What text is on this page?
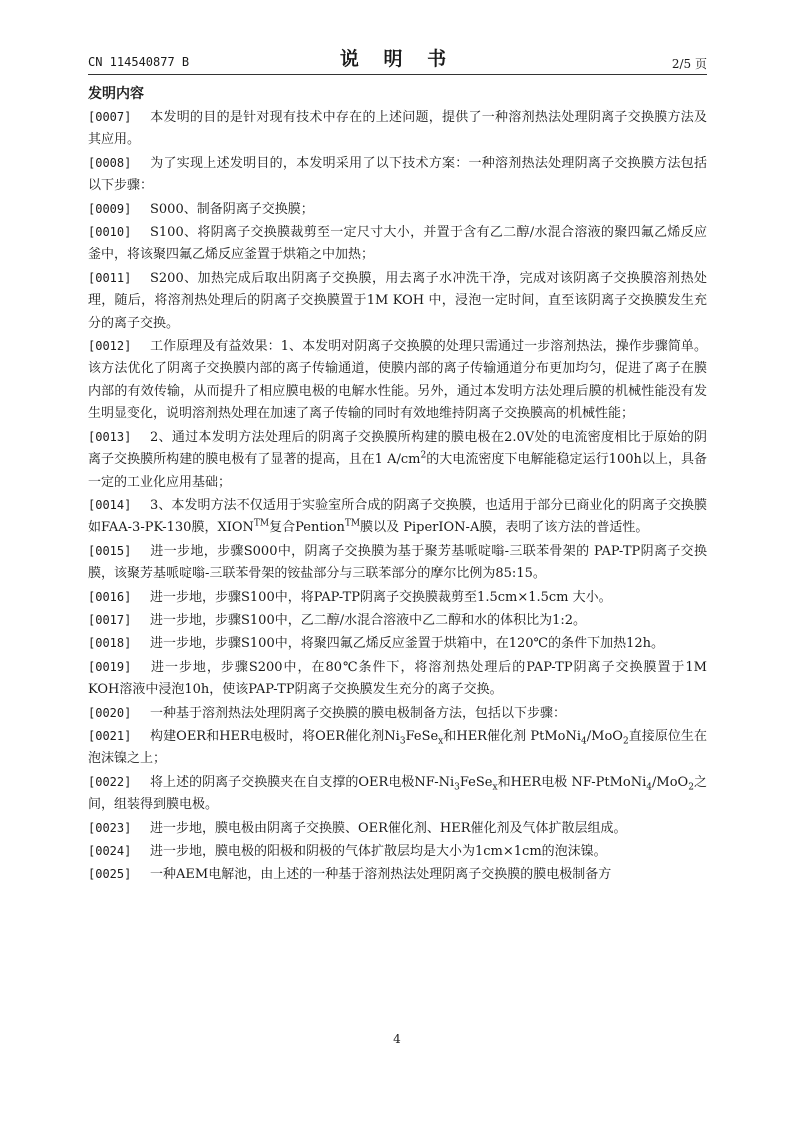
CN 114540877 B	说 明 书	2/5 页
发明内容

[0007] 本发明的目的是针对现有技术中存在的上述问题，提供了一种溶剂热法处理阴离子交换膜方法及其应用。

[0008] 为了实现上述发明目的，本发明采用了以下技术方案：一种溶剂热法处理阴离子交换膜方法包括以下步骤：

[0009] S000、制备阴离子交换膜；

[0010] S100、将阴离子交换膜裁剪至一定尺寸大小，并置于含有乙二醇/水混合溶液的聚四氟乙烯反应釜中，将该聚四氟乙烯反应釜置于烘箱之中加热；

[0011] S200、加热完成后取出阴离子交换膜，用去离子水冲洗干净，完成对该阴离子交换膜溶剂热处理，随后，将溶剂热处理后的阴离子交换膜置于1M KOH 中，浸泡一定时间，直至该阴离子交换膜发生充分的离子交换。

[0012] 工作原理及有益效果：1、本发明对阴离子交换膜的处理只需通过一步溶剂热法，操作步骤简单。该方法优化了阴离子交换膜内部的离子传输通道，使膜内部的离子传输通道分布更加均匀，促进了离子在膜内部的有效传输，从而提升了相应膜电极的电解水性能。另外，通过本发明方法处理后膜的机械性能没有发生明显变化，说明溶剂热处理在加速了离子传输的同时有效地维持阴离子交换膜高的机械性能；

[0013] 2、通过本发明方法处理后的阴离子交换膜所构建的膜电极在2.0V处的电流密度相比于原始的阴离子交换膜所构建的膜电极有了显著的提高，且在1 $A/cm^2$的大电流密度下电解能稳定运行100h以上，具备一定的工业化应用基础；

[0014] 3、本发明方法不仅适用于实验室所合成的阴离子交换膜，也适用于部分已商业化的阴离子交换膜如FAA-3-PK-130膜，XION™复合Pention™膜以及 PiperION-A膜，表明了该方法的普适性。

[0015] 进一步地，步骤S000中，阴离子交换膜为基于聚芳基哌啶嗡-三联苯骨架的 PAP-TP阴离子交换膜，该聚芳基哌啶嗡-三联苯骨架的铵盐部分与三联苯部分的摩尔比例为85:15。

[0016] 进一步地，步骤S100中，将PAP-TP阴离子交换膜裁剪至1.5cm×1.5cm 大小。

[0017] 进一步地，步骤S100中，乙二醇/水混合溶液中乙二醇和水的体积比为1:2。

[0018] 进一步地，步骤S100中，将聚四氟乙烯反应釜置于烘箱中，在120℃的条件下加热12h。

[0019] 进一步地，步骤S200中，在80℃条件下，将溶剂热处理后的PAP-TP阴离子交换膜置于1M KOH溶液中浸泡10h，使该PAP-TP阴离子交换膜发生充分的离子交换。

[0020] 一种基于溶剂热法处理阴离子交换膜的膜电极制备方法，包括以下步骤：

[0021] 构建OER和HER电极时，将OER催化剂$Ni_3FeSe_x$和HER催化剂 PtMoNi$_4$/MoO$_2$直接原位生在泡沫镍之上；

[0022] 将上述的阴离子交换膜夹在自支撑的OER电极$NF-Ni_3FeSe_x$和HER电极 NF-PtMoNi$_4$/MoO$_2$之间，组装得到膜电极。

[0023] 进一步地，膜电极由阴离子交换膜、OER催化剂、HER催化剂及气体扩散层组成。

[0024] 进一步地，膜电极的阳极和阴极的气体扩散层均是大小为1cm×1cm的泡沫镍。

[0025] 一种AEM电解池，由上述的一种基于溶剂热法处理阴离子交换膜的膜电极制备方

4
